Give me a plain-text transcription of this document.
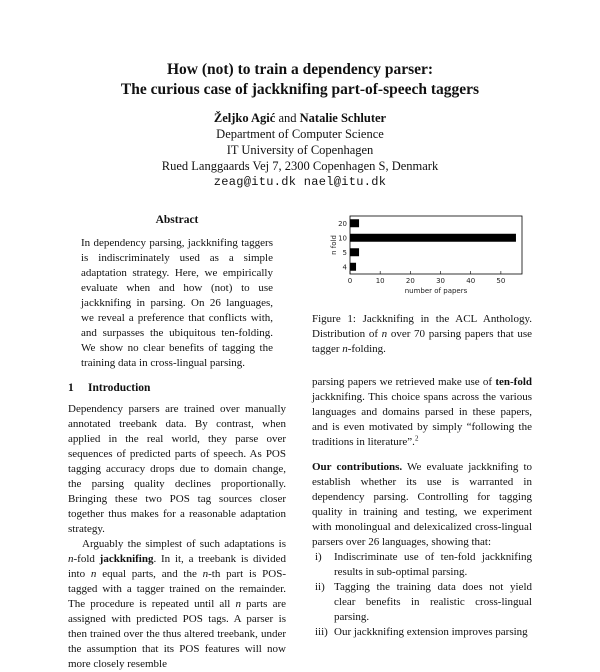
How (not) to train a dependency parser:
The curious case of jackknifing part-of-speech taggers
Željko Agić and Natalie Schluter
Department of Computer Science
IT University of Copenhagen
Rued Langgaards Vej 7, 2300 Copenhagen S, Denmark
zeag@itu.dk nael@itu.dk
Abstract

In dependency parsing, jackknifing taggers is indiscriminately used as a simple adaptation strategy. Here, we empirically evaluate when and how (not) to use jackknifing in parsing. On 26 languages, we reveal a preference that conflicts with, and surpasses the ubiquitous ten-folding. We show no clear benefits of tagging the training data in cross-lingual parsing.

1 Introduction

Dependency parsers are trained over manually annotated treebank data. By contrast, when applied in the real world, they parse over sequences of predicted parts of speech. As POS tagging accuracy drops due to domain change, the parsing quality declines proportionally. Bringing these two POS tag sources closer together thus makes for a reasonable adaptation strategy.

Arguably the simplest of such adaptations is n-fold jackknifing. In it, a treebank is divided into n equal parts, and the n-th part is POS-tagged with a tagger trained on the remainder. The procedure is repeated until all n parts are assigned with predicted POS tags. A parser is then trained over the thus altered treebank, under the assumption that its POS features will now more closely resemble

20
10
5
4
0	10	20	30	40	50
number of papers
n fold

Figure 1: Jackknifing in the ACL Anthology. Distribution of n over 70 parsing papers that use tagger n-folding.

parsing papers we retrieved make use of ten-fold jackknifing. This choice spans across the various languages and domains parsed in these papers, and is even motivated by simply “following the traditions in literature”.$^2$

Our contributions. We evaluate jackknifing to establish whether its use is warranted in dependency parsing. Controlling for tagging quality in training and testing, we experiment with monolingual and delexicalized cross-lingual parsers over 26 languages, showing that:

i) Indiscriminate use of ten-fold jackknifing results in sub-optimal parsing.
ii) Tagging the training data does not yield clear benefits in realistic cross-lingual parsing.
iii) Our jackknifing extension improves parsing
